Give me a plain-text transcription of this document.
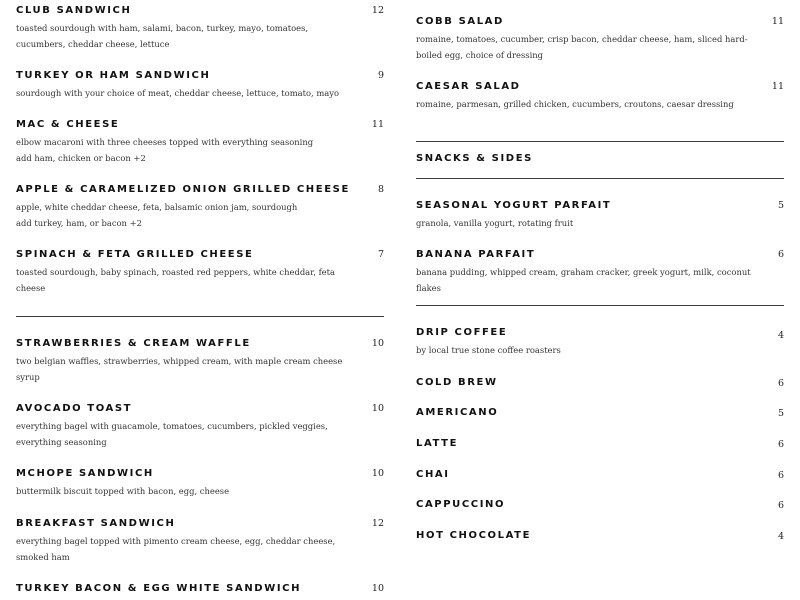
CLUB SANDWICH	12
toasted sourdough with ham, salami, bacon, turkey, mayo, tomatoes,
cucumbers, cheddar cheese, lettuce
TURKEY OR HAM SANDWICH	9
sourdough with your choice of meat, cheddar cheese, lettuce, tomato, mayo
MAC & CHEESE	11
elbow macaroni with three cheeses topped with everything seasoning
add ham, chicken or bacon +2
APPLE & CARAMELIZED ONION GRILLED CHEESE	8
apple, white cheddar cheese, feta, balsamic onion jam, sourdough
add turkey, ham, or bacon +2
SPINACH & FETA GRILLED CHEESE	7
toasted sourdough, baby spinach, roasted red peppers, white cheddar, feta
cheese
STRAWBERRIES & CREAM WAFFLE	10
two belgian waffles, strawberries, whipped cream, with maple cream cheese
syrup
AVOCADO TOAST	10
everything bagel with guacamole, tomatoes, cucumbers, pickled veggies,
everything seasoning
MCHOPE SANDWICH	10
buttermilk biscuit topped with bacon, egg, cheese
BREAKFAST SANDWICH	12
everything bagel topped with pimento cream cheese, egg, cheddar cheese,
smoked ham
TURKEY BACON & EGG WHITE SANDWICH	10
COBB SALAD	11
romaine, tomatoes, cucumber, crisp bacon, cheddar cheese, ham, sliced hard-
boiled egg, choice of dressing
CAESAR SALAD	11
romaine, parmesan, grilled chicken, cucumbers, croutons, caesar dressing
SNACKS & SIDES
SEASONAL YOGURT PARFAIT	5
granola, vanilla yogurt, rotating fruit
BANANA PARFAIT	6
banana pudding, whipped cream, graham cracker, greek yogurt, milk, coconut
flakes
DRIP COFFEE	4
by local true stone coffee roasters
COLD BREW	6
AMERICANO	5
LATTE	6
CHAI	6
CAPPUCCINO	6
HOT CHOCOLATE	4
